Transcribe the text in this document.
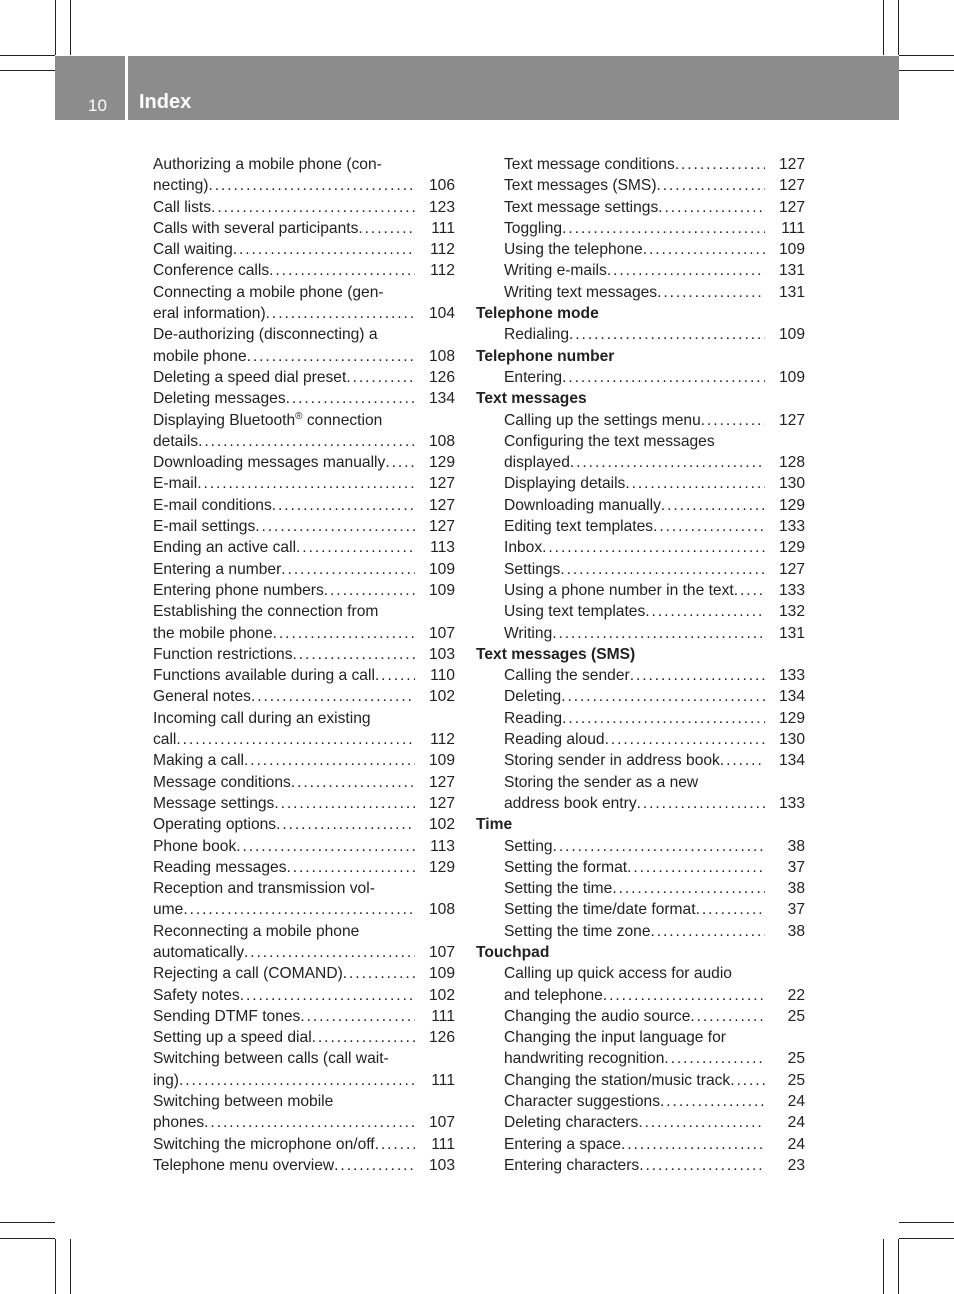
10 Index
Authorizing a mobile phone (con-
necting) . . .	106
Call lists . . .	123
Calls with several participants . . .	111
Call waiting . . .	112
Conference calls . . .	112
Connecting a mobile phone (gen-
eral information) . . .	104
De-authorizing (disconnecting) a
mobile phone . . .	108
Deleting a speed dial preset . . .	126
Deleting messages . . .	134
Displaying Bluetooth® connection
details . . .	108
Downloading messages manually . . .	129
E-mail . . .	127
E-mail conditions . . .	127
E-mail settings . . .	127
Ending an active call . . .	113
Entering a number . . .	109
Entering phone numbers . . .	109
Establishing the connection from
the mobile phone . . .	107
Function restrictions . . .	103
Functions available during a call . . .	110
General notes . . .	102
Incoming call during an existing
call . . .	112
Making a call . . .	109
Message conditions . . .	127
Message settings . . .	127
Operating options . . .	102
Phone book . . .	113
Reading messages . . .	129
Reception and transmission vol-
ume . . .	108
Reconnecting a mobile phone
automatically . . .	107
Rejecting a call (COMAND) . . .	109
Safety notes . . .	102
Sending DTMF tones . . .	111
Setting up a speed dial . . .	126
Switching between calls (call wait-
ing) . . .	111
Switching between mobile
phones . . .	107
Switching the microphone on/off . . .	111
Telephone menu overview . . .	103
Text message conditions . . .	127
Text messages (SMS) . . .	127
Text message settings . . .	127
Toggling . . .	111
Using the telephone . . .	109
Writing e-mails . . .	131
Writing text messages . . .	131
Telephone mode
Redialing . . .	109
Telephone number
Entering . . .	109
Text messages
Calling up the settings menu . . .	127
Configuring the text messages
displayed . . .	128
Displaying details . . .	130
Downloading manually . . .	129
Editing text templates . . .	133
Inbox . . .	129
Settings . . .	127
Using a phone number in the text . . .	133
Using text templates . . .	132
Writing . . .	131
Text messages (SMS)
Calling the sender . . .	133
Deleting . . .	134
Reading . . .	129
Reading aloud . . .	130
Storing sender in address book . . .	134
Storing the sender as a new
address book entry . . .	133
Time
Setting . . .	38
Setting the format . . .	37
Setting the time . . .	38
Setting the time/date format . . .	37
Setting the time zone . . .	38
Touchpad
Calling up quick access for audio
and telephone . . .	22
Changing the audio source . . .	25
Changing the input language for
handwriting recognition . . .	25
Changing the station/music track . . .	25
Character suggestions . . .	24
Deleting characters . . .	24
Entering a space . . .	24
Entering characters . . .	23
